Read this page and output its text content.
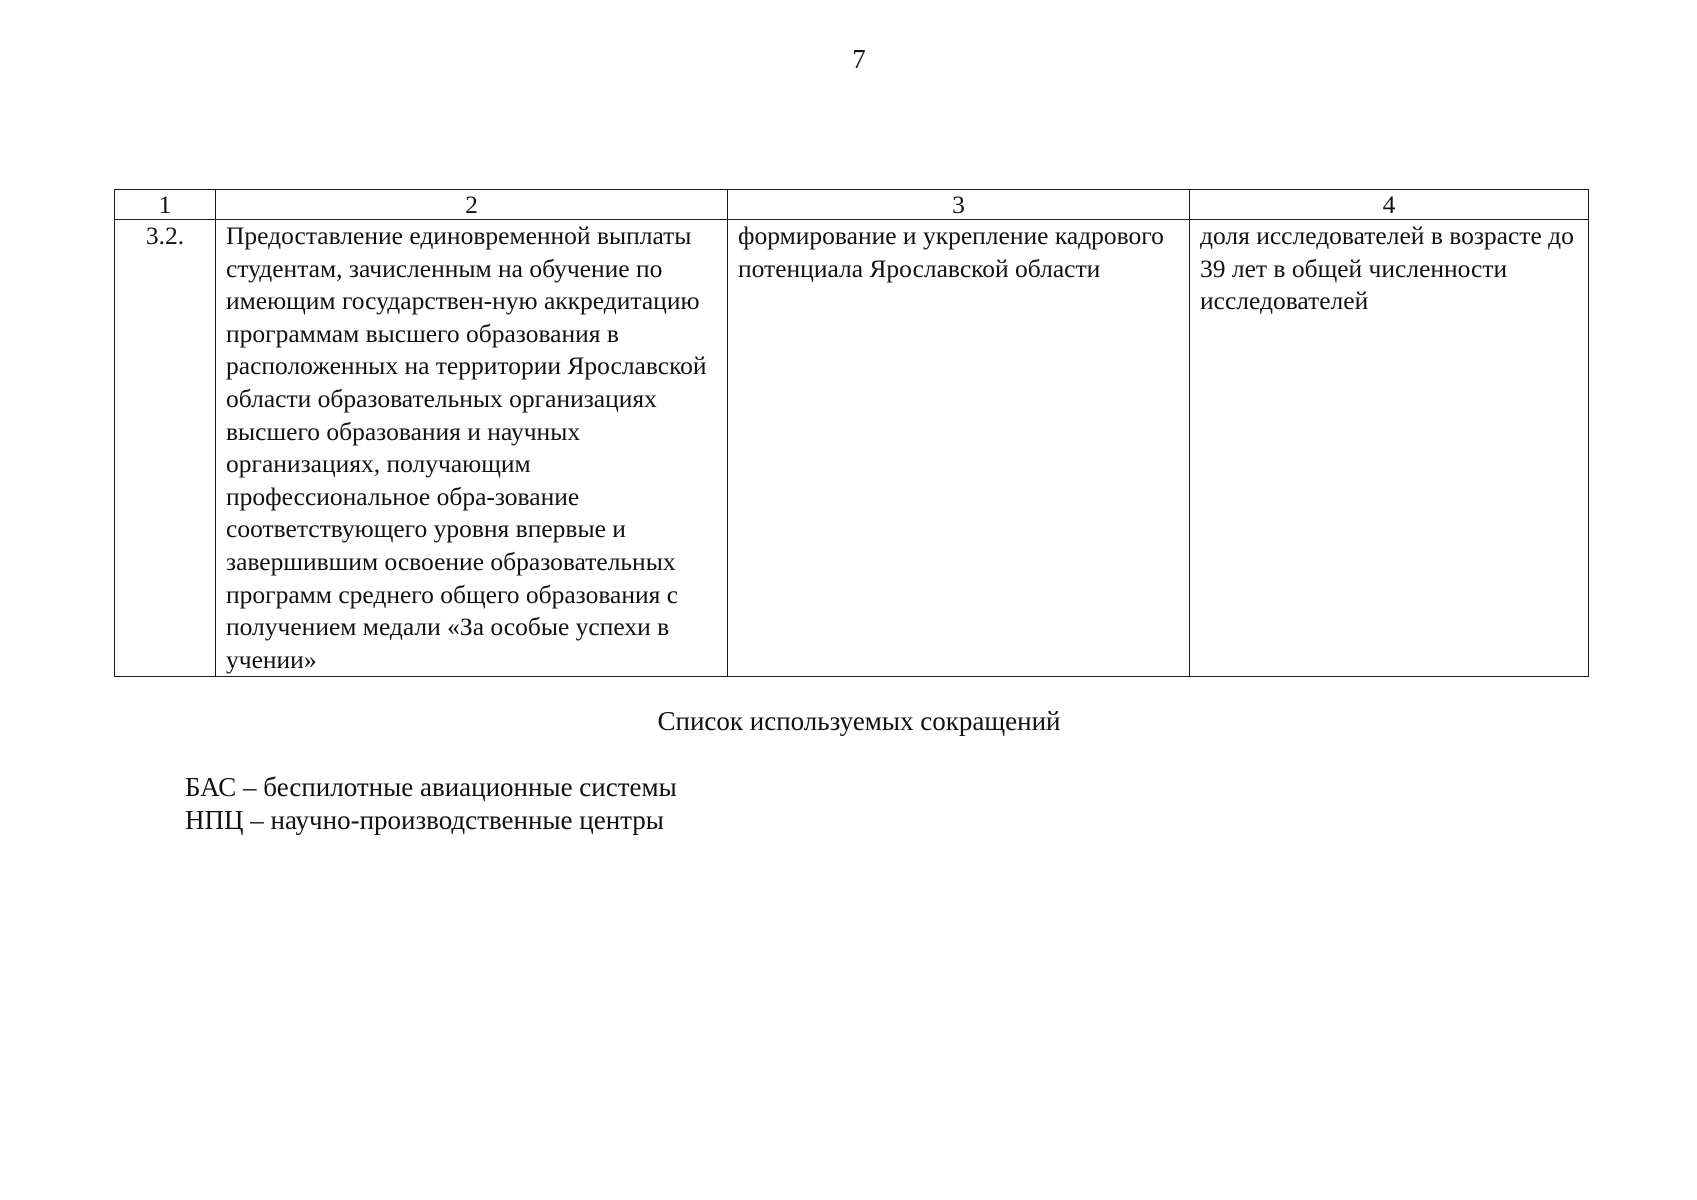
7
1	2	3	4
3.2.	Предоставление единовременной выплаты студентам, зачисленным на обучение по имеющим государствен-ную аккредитацию программам высшего образования в расположенных на территории Ярославской области образовательных организациях высшего образования и научных организациях, получающим профессиональное обра-зование соответствующего уровня впервые и завершившим освоение образовательных программ среднего общего образования с получением медали «За особые успехи в учении»	формирование и укрепление кадрового потенциала Ярославской области	доля исследователей в возрасте до 39 лет в общей численности исследователей
Список используемых сокращений
БАС – беспилотные авиационные системы
НПЦ – научно-производственные центры
